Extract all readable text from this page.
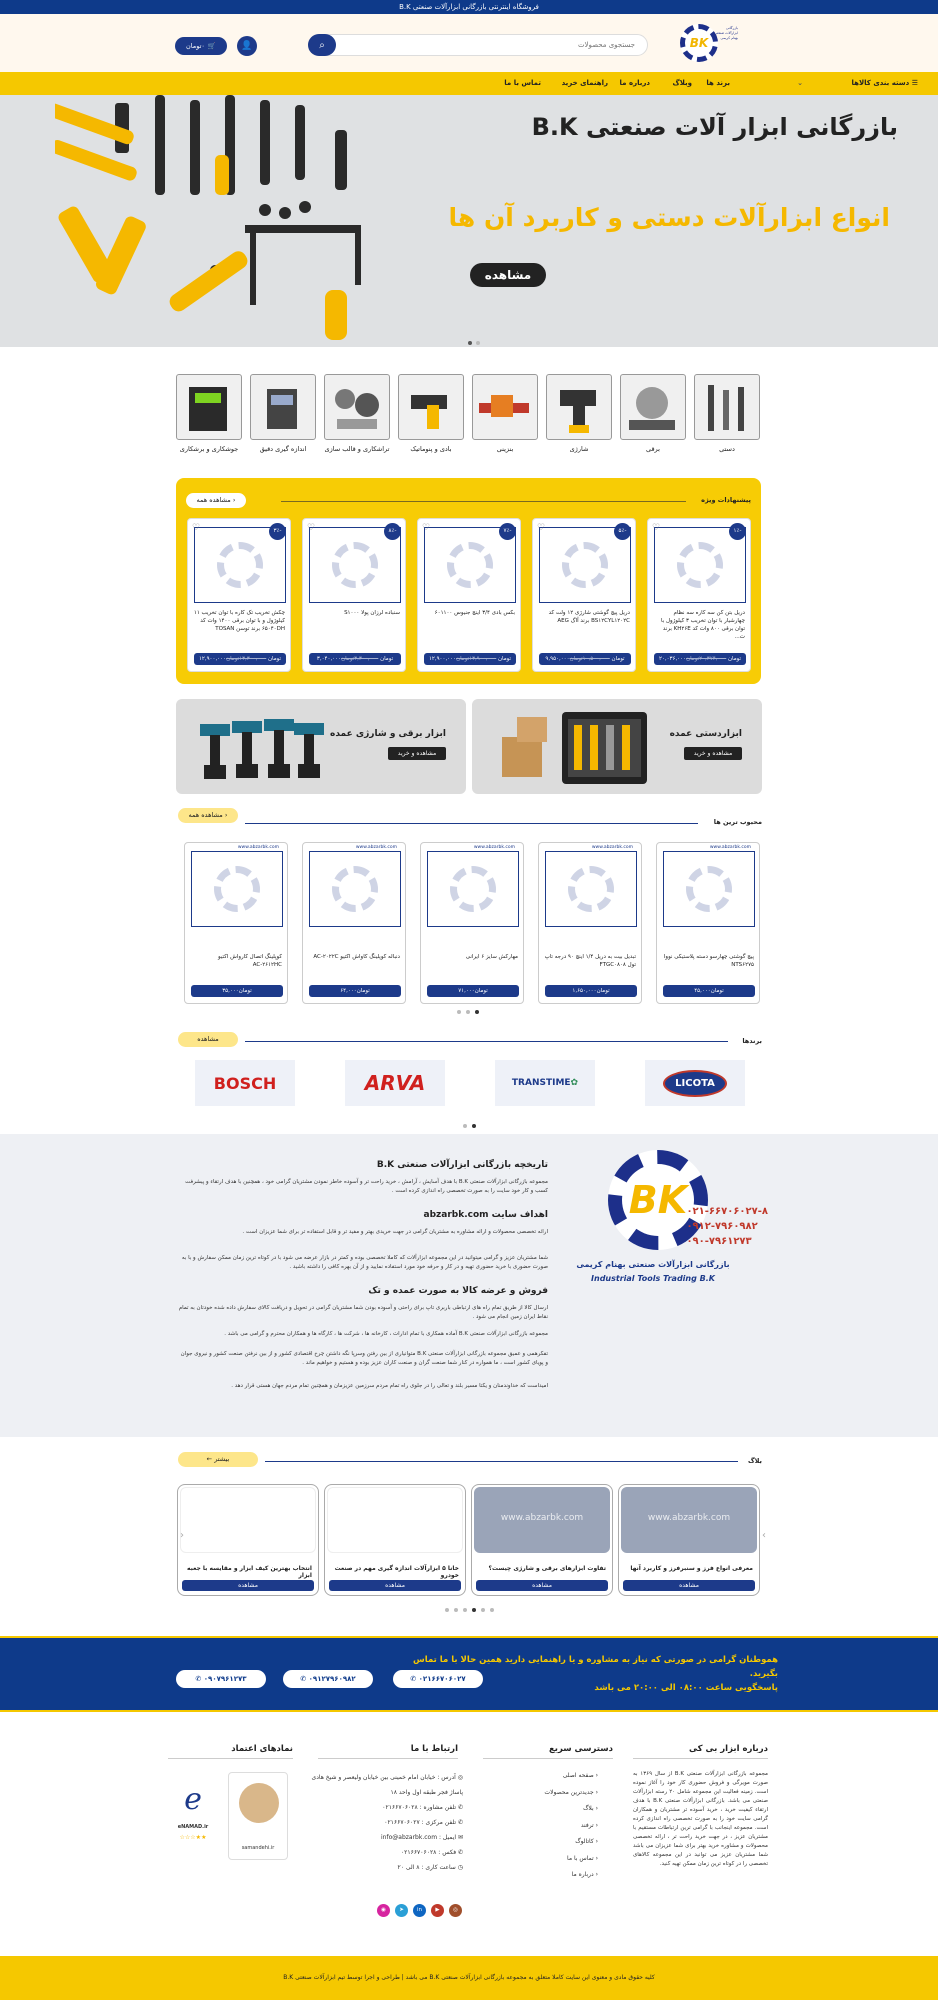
فروشگاه اینترنتی بازرگانی ابزارآلات صنعتی B.K
BK
بازرگانی ابزارآلات صنعتی بهنام کریمی
جستجوی محصولات
⌕
👤
🛒
۰تومان
☰ دسته بندی کالاها
⌄
برند ها
وبلاگ
درباره ما
راهنمای خرید
تماس با ما
بازرگانی ابزار آلات صنعتی B.K
انواع ابزارآلات دستی و کاربرد آن ها
مشاهده
دستی
برقی
شارژی
بنزینی
بادی و پنوماتیک
تراشکاری و قالب سازی
اندازه گیری دقیق
جوشکاری و برشکاری
پیشنهادات ویژه
‹ مشاهده همه
-۱٪
♡
دریل بتن کن سه کاره سه نظام چهارشیار با توان تخریب ۳ کیلوژول با توان برقی ۸۰۰ وات کد KH۲۶E برند ت...
۲۰,۰۳۶,۰۰۰تومان ۲۰,۳۷۴,۰۰۰تومان
-۵٪
♡
دریل پیچ گوشتی شارژی ۱۲ ولت کد BS۱۲CYL۱۲۰۲C برند آاگ AEG
۹,۹۵۰,۰۰۰تومان ۱۰,۵۰۰,۰۰۰تومان
-۷٪
♡
بکس بادی ۳/۴ اینچ جنیوس ۶۰۱۱۰۰
۱۲,۹۰۰,۰۰۰تومان ۱۳,۹۰۰,۰۰۰تومان
-۸٪
♡
سنباده لرزان پولا S۱۰۰۰
۳,۰۴۰,۰۰۰تومان ۳,۳۰۰,۰۰۰تومان
-۳٪
♡
چکش تخریب تک کاره با توان تخریب ۱۱ کیلوژول و با توان برقی ۱۴۰۰ وات کد ۶۵۰۴۰DH برند توسن TOSAN
۱۲,۹۰۰,۰۰۰تومان ۱۳,۳۰۰,۰۰۰تومان
ابزاردستی عمده
مشاهده و خرید
ابزار برقی و شارژی عمده
مشاهده و خرید
محبوب ترین ها
‹ مشاهده همه
www.abzarbk.com
پیچ گوشتی چهارسو دسته پلاستیکی نووا NTS۶۲۷۵
۴۵,۰۰۰تومان
www.abzarbk.com
تبدیل بیت به دریل ۱/۴ اینچ ۹۰ درجه تاپ تول FTGC۰۸۰۸
۱,۶۵۰,۰۰۰تومان
www.abzarbk.com
مهارکش سایز ۶ ایرانی
۷۱,۰۰۰تومان
www.abzarbk.com
دنباله کوپلینگ کاواش اکتیو AC-۲۰۲۲C
۶۴,۰۰۰تومان
www.abzarbk.com
کوپلینگ اتصال کارواش اکتیو AC-۲۶۱۲HC
۳۵,۰۰۰تومان
برندها
مشاهده
LICOTA
✿
TRANSTIME
ARVA
BOSCH
BK ۰۲۱-۶۶۷۰۶۰۲۷-۸
۰۹۱۲-۷۹۶۰۹۸۲
۰۹۰-۷۹۶۱۲۷۳
بازرگانی ابزارآلات صنعتی بهنام کریمی
Industrial Tools Trading B.K
تاریخچه بازرگانی ابزارآلات صنعتی B.K
مجموعه بازرگانی ابزارآلات صنعتی B.K با هدف آسایش ، آرامش ، خرید راحت تر و آسوده خاطر نمودن مشتریان گرامی خود ، همچنین با هدف ارتقاء و پیشرفت کسب و کار خود سایت را به صورت تخصصی راه اندازی کرده است .
اهداف سایت abzarbk.com
ارائه تخصصی محصولات و ارائه مشاوره به مشتریان گرامی در جهت خریدی بهتر و مفید تر و قابل استفاده تر برای شما عزیزان است .
شما مشتریان عزیز و گرامی میتوانید در این مجموعه ابزارآلات که کاملا تخصصی بوده و کمتر در بازار عرضه می شود با در کوتاه ترین زمان ممکن سفارش و با به صورت حضوری با خرید حضوری تهیه و در کار و حرفه خود مورد استفاده نمایید و از آن بهره کافی را داشته باشید .
فروش و عرضه کالا به صورت عمده و تک
ارسال کالا از طریق تمام راه های ارتباطی باربری تاپ برای راحتی و آسوده بودن شما مشتریان گرامی در تحویل و دریافت کالای سفارش داده شده خودتان به تمام نقاط ایران زمین انجام می شود .
مجموعه بازرگانی ابزارآلات صنعتی B.K آماده همکاری با تمام ادارات ، کارخانه ها ، شرکت ها ، کارگاه ها و همکاران محترم و گرامی می باشد .
تفکرهمی و عمیق مجموعه بازرگانی ابزارآلات صنعتی B.K متوانیاری از بین رفتن وسرپا نگه داشتن چرخ اقتصادی کشور و از بین نرفتن صنعت کشور و نیروی جوان و پویای کشور است ، ما همواره در کنار شما صنعت گران و صنعت کاران عزیز بوده و هستیم و خواهیم ماند .
امیداست که خداوندمنان و یکتا مسیر بلند و تعالی را در جلوی راه تمام مردم سرزمین عزیزمان و همچنین تمام مردم جهان هستی قرار دهد .
بلاگ
بیشتر ←
www.abzarbk.com
معرفی انواع فرز و سنبرفرز و کاربرد آنها
مشاهده
www.abzarbk.com
تفاوت ابزارهای برقی و شارژی چیست؟
مشاهده
خانا ۵ ابزارآلات اندازه گیری مهم در صنعت خودرو
مشاهده
انتخاب بهترین کیف ابزار و مقایسه با جعبه ابزار
مشاهده
›
‹
هموطنان گرامی در صورتی که نیاز به مشاوره و یا راهنمایی دارید همین حالا با ما تماس بگیرید.
پاسخگویی ساعت ۰۸:۰۰ الی ۲۰:۰۰ می باشد
✆ ۰۲۱۶۶۷۰۶۰۲۷
✆ ۰۹۱۲۷۹۶۰۹۸۲
✆ ۰۹۰۷۹۶۱۲۷۳
درباره ابزار بی کی
مجموعه بازرگانی ابزارآلات صنعتی B.K از سال ۱۳۶۹ به صورت مویرگی و فروش حضوری کار خود را آغاز نموده است. زمینه فعالیت این مجموعه شامل ۲۰ رسته ابزارآلات صنعتی می باشد. بازرگانی ابزارآلات صنعتی B.K با هدف ارتقاء کیفیت خرید ، خرید آسوده تر مشتریان و همکاران گرامی سایت خود را به صورت تخصصی راه اندازی کرده است. مجموعه اینجانب با گرامی ترین ارتباطات مستقیم با مشتریان عزیز ، در جهت خرید راحت تر ، ارائه تخصصی محصولات و مشاوره خرید بهتر برای شما عزیزان می باشد شما مشتریان عزیز می توانید در این مجموعه کالاهای تخصصی را در کوتاه ترین زمان ممکن تهیه کنید.
دسترسی سریع
‹ صفحه اصلی
‹ جدیدترین محصولات
‹ بلاگ
‹ ترفند
‹ کاتالوگ
‹ تماس با ما
‹ درباره ما
ارتباط با ما
◎ آدرس : خیابان امام خمینی بین خیابان ولیعصر و شیخ هادی پاساژ فجر طبقه اول واحد ۱۸
✆ تلفن مشاوره : ۰۲۱۶۶۷۰۶۰۲۸
✆ تلفن مرکزی : ۰۲۱۶۶۷۰۶۰۲۷
✉ ایمیل : info@abzarbk.com
✆ فکس : ۰۲۱۶۶۷۰۶۰۲۸
◷ ساعت کاری : ۸ الی ۲۰
◎
▶
in
➤
◉
نمادهای اعتماد
samandehi.ir
ℯ
eNAMAD.ir
★★☆☆☆
کلیه حقوق مادی و معنوی این سایت کاملا متعلق به مجموعه بازرگانی ابزارآلات صنعتی B.K می باشد | طراحی و اجرا توسط تیم ابزارآلات صنعتی B.K
